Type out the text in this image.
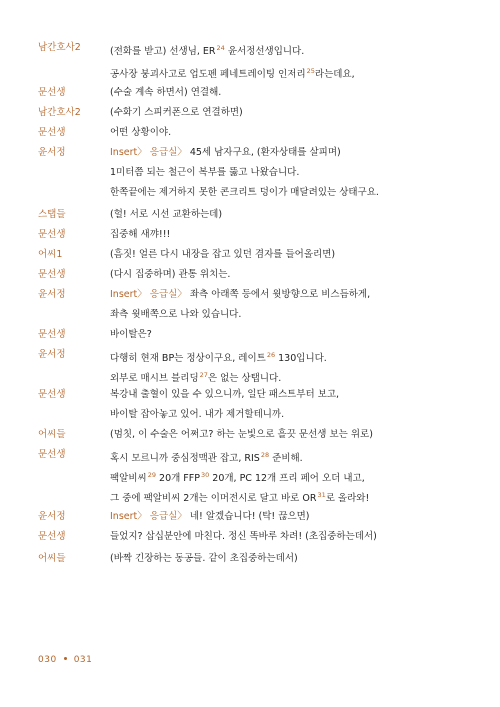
남간호사2	(전화를 받고) 선생님, ER$^{24}$ 윤서정선생입니다.
공사장 붕괴사고로 업도펜 페네트레이팅 인저리$^{25}$라는데요,
문선생	(수술 계속 하면서) 연결해.
남간호사2	(수화기 스피커폰으로 연결하면)
문선생	어떤 상황이야.
윤서정	Insert〉 응급실〉 45세 남자구요, (환자상태를 살피며)
1미터쯤 되는 철근이 복부를 뚫고 나왔습니다.
한쪽끝에는 제거하지 못한 콘크리트 덩이가 매달려있는 상태구요.
스탭들	(헐! 서로 시선 교환하는데)
문선생	집중해 새꺄!!!
어씨1	(흠짓! 얼른 다시 내장을 잡고 있던 겸자를 들어올리면)
문선생	(다시 집중하며) 관통 위치는.
윤서정	Insert〉 응급실〉 좌측 아래쪽 등에서 윗방향으로 비스듬하게,
좌측 윗배쪽으로 나와 있습니다.
문선생	바이탈은?
윤서정	다행히 현재 BP는 정상이구요, 레이트$^{26}$ 130입니다.
외부로 매시브 블리딩$^{27}$은 없는 상탭니다.
문선생	복강내 출혈이 있을 수 있으니까, 일단 패스트부터 보고,
바이탈 잡아놓고 있어. 내가 제거할테니까.
어씨들	(멈칫, 이 수술은 어쩌고? 하는 눈빛으로 흘끗 문선생 보는 위로)
문선생	혹시 모르니까 중심정맥관 잡고, RIS$^{28}$ 준비해.
팩알비씨$^{29}$ 20개 FFP$^{30}$ 20개, PC 12개 프리 페어 오더 내고,
그 중에 팩알비씨 2개는 이머전시로 달고 바로 OR$^{31}$로 올라와!
윤서정	Insert〉 응급실〉 네! 알겠습니다! (탁! 끊으면)
문선생	들었지? 삽십분안에 마친다. 정신 똑바루 차려! (초집중하는데서)
어씨들	(바짝 긴장하는 동공들. 같이 초집중하는데서)
030 031
